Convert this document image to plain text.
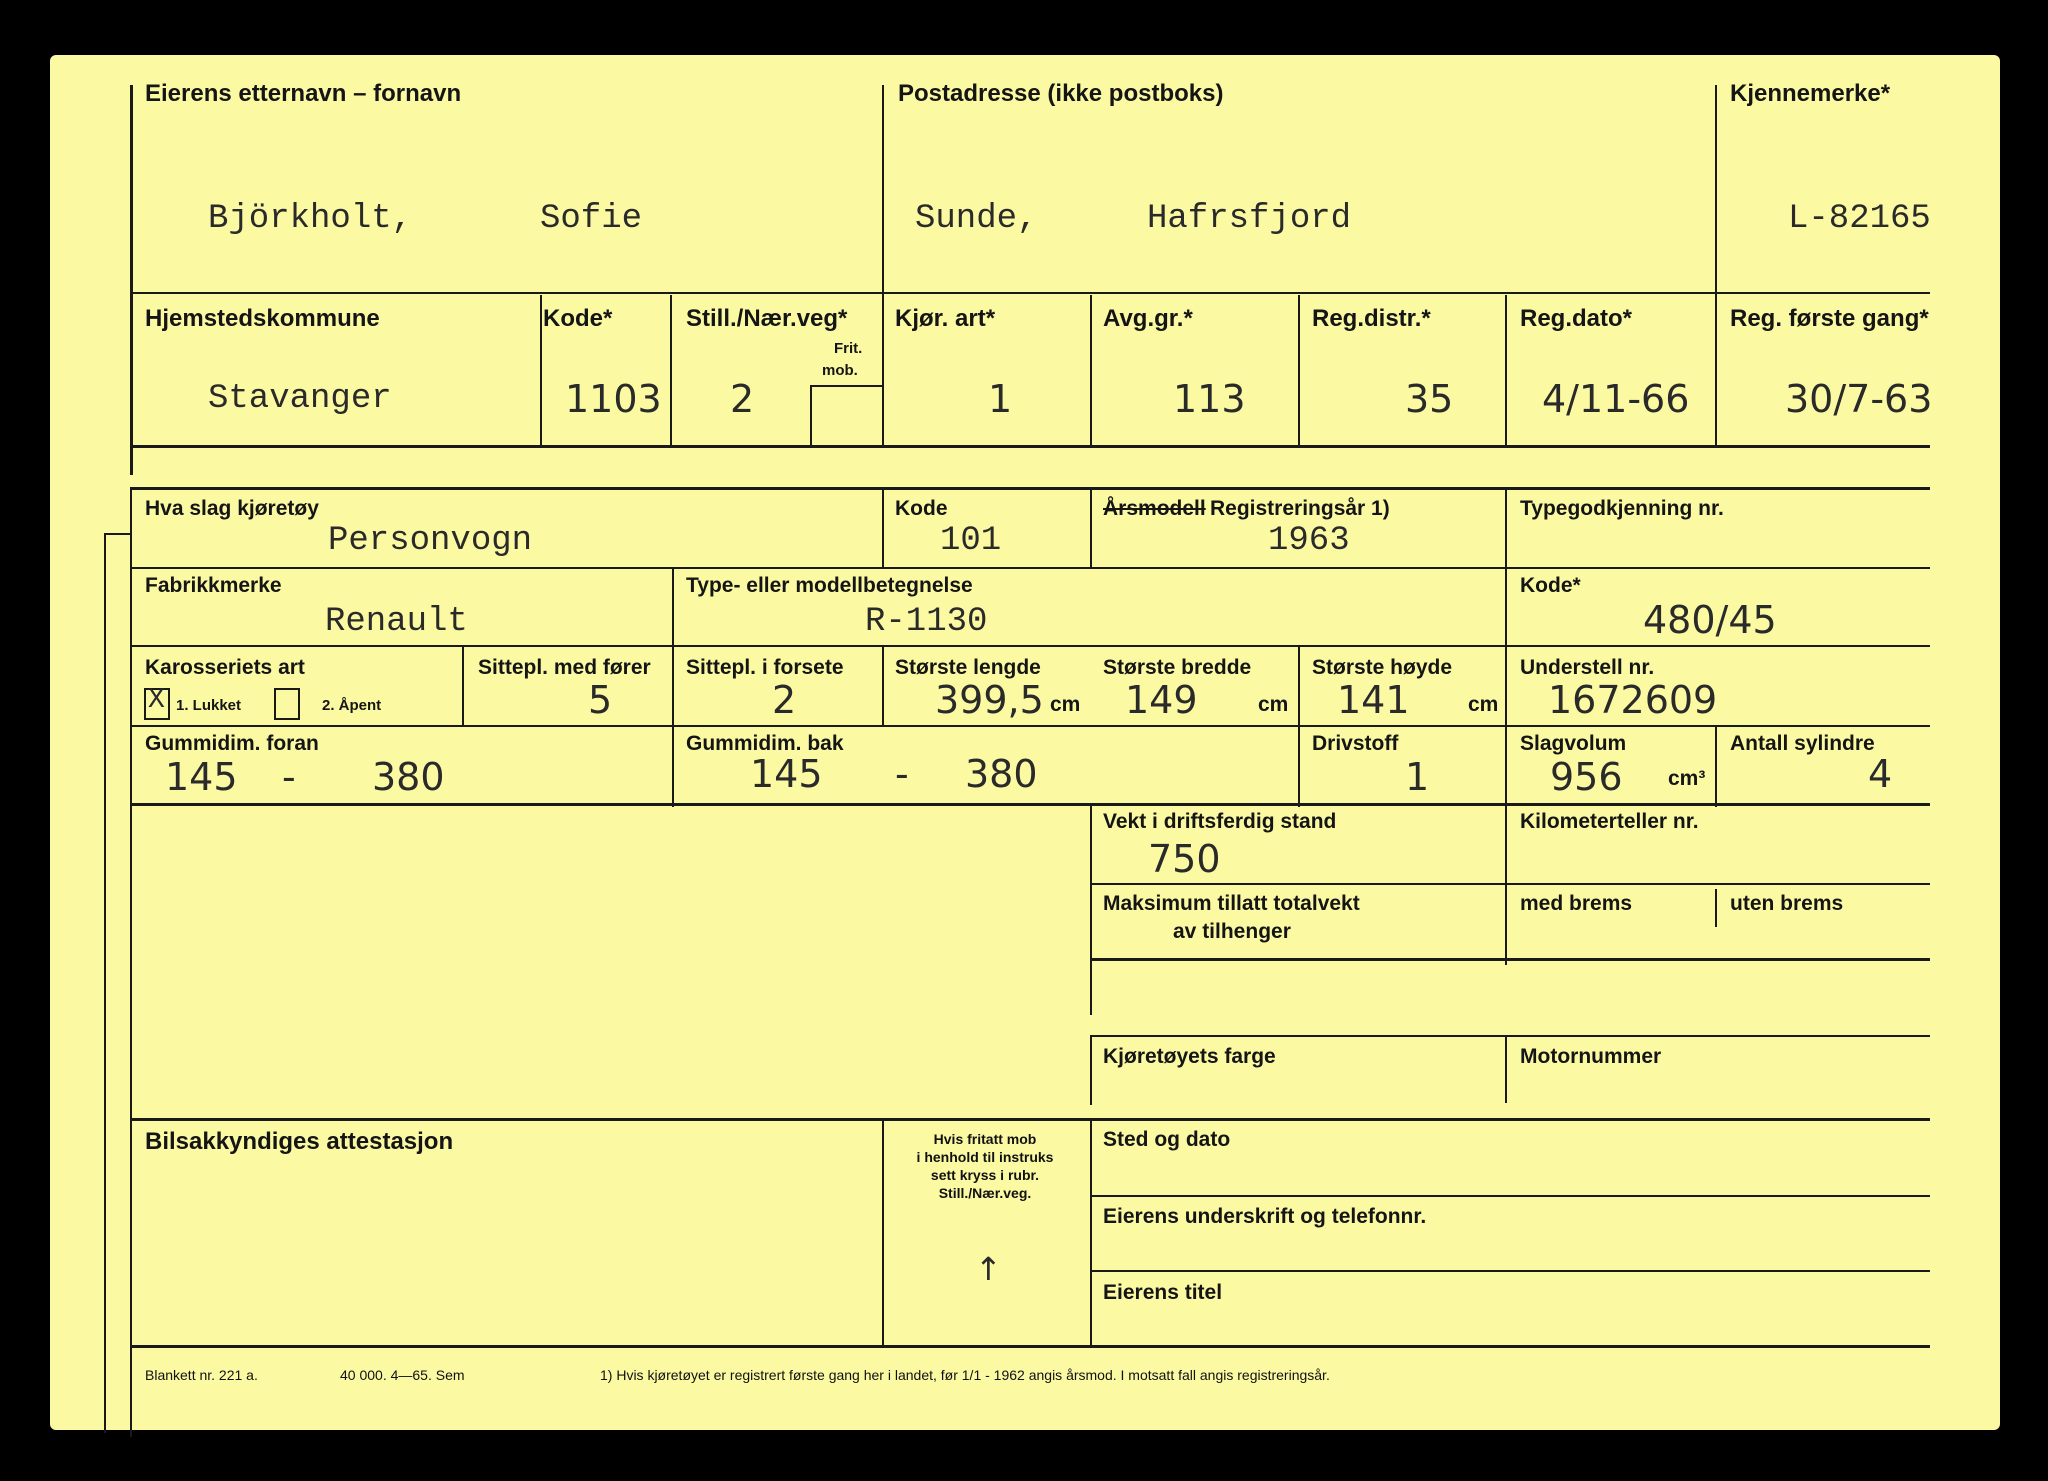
Eierens etternavn – fornavn
Björkholt,	Sofie
Postadresse (ikke postboks)
Sunde,	Hafrsfjord
Kjennemerke*
L-82165
Hjemstedskommune
Stavanger
Kode*
1103
Still./Nær.veg*
Frit.
mob.
2
Kjør. art*
1
Avg.gr.*
113
Reg.distr.*
35
Reg.dato*
4/11-66
Reg. første gang*
30/7-63
Hva slag kjøretøy
Personvogn
Kode
101
Årsmodell Registreringsår 1)
1963
Typegodkjenning nr.
Fabrikkmerke
Renault
Type- eller modellbetegnelse
R-1130
Kode*
480/45
Karosseriets art
X 1. Lukket	2. Åpent
Sittepl. med fører
5
Sittepl. i forsete
2
Største lengde
399,5 cm
Største bredde
149	cm
Største høyde
141	cm
Understell nr.
1672609
Gummidim. foran
145 - 380
Gummidim. bak
145 - 380
Drivstoff
1
Slagvolum
956 cm³
Antall sylindre
4
Vekt i driftsferdig stand
750
Kilometerteller nr.
Maksimum tillatt totalvekt
av tilhenger
med brems	uten brems
Kjøretøyets farge	Motornummer
Bilsakkyndiges attestasjon	Hvis fritatt mob
i henhold til instruks
sett kryss i rubr.
Still./Nær.veg.
↑
Sted og dato
Eierens underskrift og telefonnr.
Eierens titel
Blankett nr. 221 a.	40 000. 4—65. Sem	1) Hvis kjøretøyet er registrert første gang her i landet, før 1/1 - 1962 angis årsmod. I motsatt fall angis registreringsår.
